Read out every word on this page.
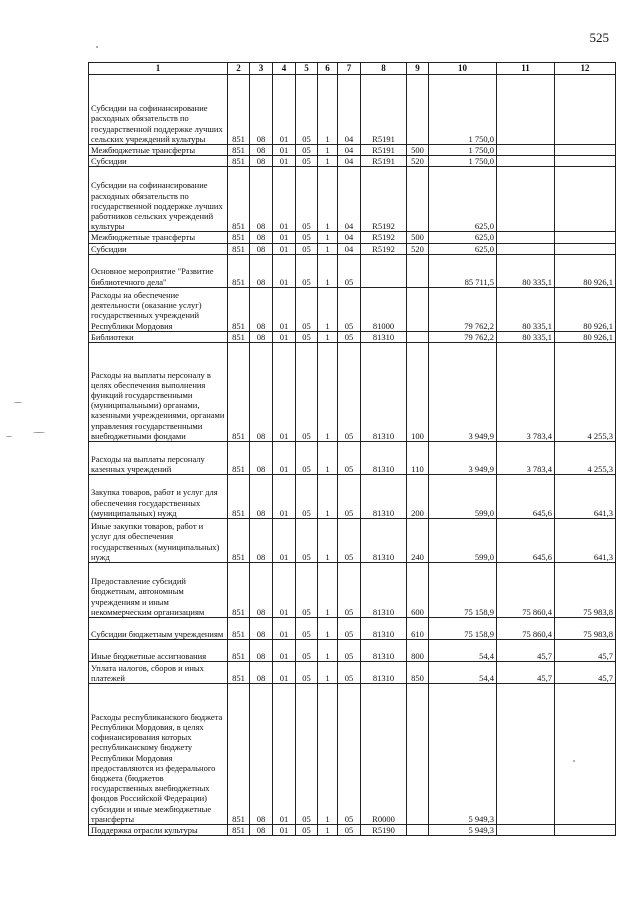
525
1	2	3	4	5	6	7	8	9	10	11	12
Субсидии на софинансирование расходных обязательств по государственной поддержке лучших сельских учреждений культуры	851	08	01	05	1	04	R5191		1 750,0		
Межбюджетные трансферты	851	08	01	05	1	04	R5191	500	1 750,0		
Субсидии	851	08	01	05	1	04	R5191	520	1 750,0		
Субсидии на софинансирование расходных обязательств по государственной поддержке лучших работников сельских учреждений культуры	851	08	01	05	1	04	R5192		625,0		
Межбюджетные трансферты	851	08	01	05	1	04	R5192	500	625,0		
Субсидии	851	08	01	05	1	04	R5192	520	625,0		
Основное мероприятие "Развитие библиотечного дела"	851	08	01	05	1	05			85 711,5	80 335,1	80 926,1
Расходы на обеспечение деятельности (оказание услуг) государственных учреждений Республики Мордовия	851	08	01	05	1	05	81000		79 762,2	80 335,1	80 926,1
Библиотеки	851	08	01	05	1	05	81310		79 762,2	80 335,1	80 926,1
Расходы на выплаты персоналу в целях обеспечения выполнения функций государственными (муниципальными) органами, казенными учреждениями, органами управления государственными внебюджетными фондами	851	08	01	05	1	05	81310	100	3 949,9	3 783,4	4 255,3
Расходы на выплаты персоналу казенных учреждений	851	08	01	05	1	05	81310	110	3 949,9	3 783,4	4 255,3
Закупка товаров, работ и услуг для обеспечения государственных (муниципальных) нужд	851	08	01	05	1	05	81310	200	599,0	645,6	641,3
Иные закупки товаров, работ и услуг для обеспечения государственных (муниципальных) нужд	851	08	01	05	1	05	81310	240	599,0	645,6	641,3
Предоставление субсидий бюджетным, автономным учреждениям и иным некоммерческим организациям	851	08	01	05	1	05	81310	600	75 158,9	75 860,4	75 983,8
Субсидии бюджетным учреждениям	851	08	01	05	1	05	81310	610	75 158,9	75 860,4	75 983,8
Иные бюджетные ассигнования	851	08	01	05	1	05	81310	800	54,4	45,7	45,7
Уплата налогов, сборов и иных платежей	851	08	01	05	1	05	81310	850	54,4	45,7	45,7
Расходы республиканского бюджета Республики Мордовия, в целях софинансирования которых республиканскому бюджету Республики Мордовия предоставляются из федерального бюджета (бюджетов государственных внебюджетных фондов Российской Федерации) субсидии и иные межбюджетные трансферты	851	08	01	05	1	05	R0000		5 949,3		
Поддержка отрасли культуры	851	08	01	05	1	05	R5190		5 949,3		
